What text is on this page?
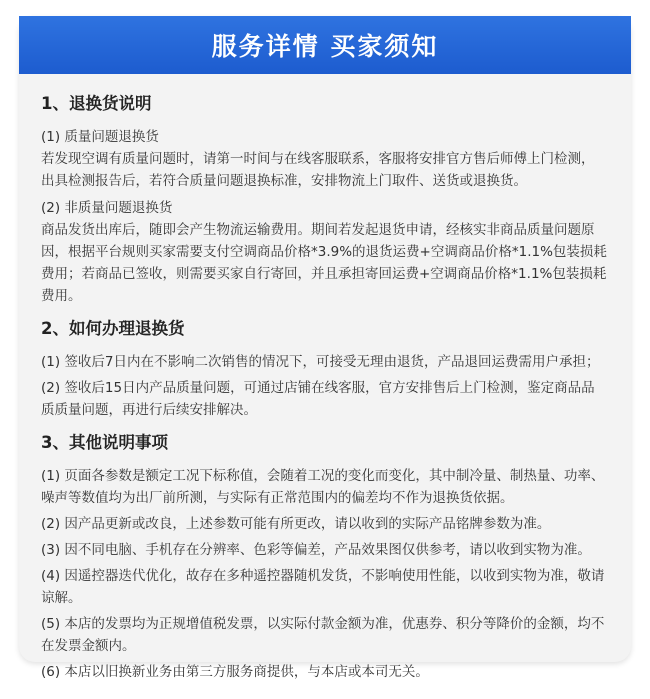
服务详情 买家须知
1、退换货说明
(1) 质量问题退换货
若发现空调有质量问题时，请第一时间与在线客服联系，客服将安排官方售后师傅上门检测，出具检测报告后，若符合质量问题退换标准，安排物流上门取件、送货或退换货。
(2) 非质量问题退换货
商品发货出库后，随即会产生物流运输费用。期间若发起退货申请，经核实非商品质量问题原因，根据平台规则买家需要支付空调商品价格*3.9%的退货运费+空调商品价格*1.1%包装损耗费用；若商品已签收，则需要买家自行寄回，并且承担寄回运费+空调商品价格*1.1%包装损耗费用。
2、如何办理退换货
(1) 签收后7日内在不影响二次销售的情况下，可接受无理由退货，产品退回运费需用户承担；
(2) 签收后15日内产品质量问题，可通过店铺在线客服，官方安排售后上门检测，鉴定商品品质质量问题，再进行后续安排解决。
3、其他说明事项
(1) 页面各参数是额定工况下标称值，会随着工况的变化而变化，其中制冷量、制热量、功率、噪声等数值均为出厂前所测，与实际有正常范围内的偏差均不作为退换货依据。
(2) 因产品更新或改良，上述参数可能有所更改，请以收到的实际产品铭牌参数为准。
(3) 因不同电脑、手机存在分辨率、色彩等偏差，产品效果图仅供参考，请以收到实物为准。
(4) 因遥控器迭代优化，故存在多种遥控器随机发货，不影响使用性能，以收到实物为准，敬请谅解。
(5) 本店的发票均为正规增值税发票，以实际付款金额为准，优惠券、积分等降价的金额，均不在发票金额内。
(6) 本店以旧换新业务由第三方服务商提供，与本店或本司无关。
